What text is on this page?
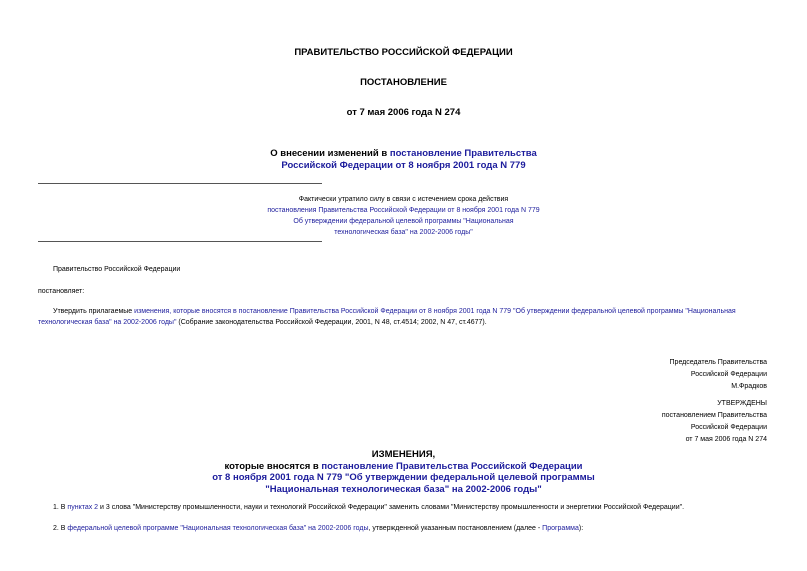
ПРАВИТЕЛЬСТВО РОССИЙСКОЙ ФЕДЕРАЦИИ
ПОСТАНОВЛЕНИЕ
от 7 мая 2006 года N 274
О внесении изменений в постановление Правительства
Российской Федерации от 8 ноября 2001 года N 779
Фактически утратило силу в связи с истечением срока действия
постановления Правительства Российской Федерации от 8 ноября 2001 года N 779
Об утверждении федеральной целевой программы "Национальная
технологическая база" на 2002-2006 годы"
Правительство Российской Федерации
постановляет:
Утвердить прилагаемые изменения, которые вносятся в постановление Правительства Российской Федерации от 8 ноября 2001 года N 779 "Об утверждении федеральной целевой программы "Национальная
технологическая база" на 2002-2006 годы" (Собрание законодательства Российской Федерации, 2001, N 48, ст.4514; 2002, N 47, ст.4677).
Председатель Правительства
Российской Федерации
М.Фрадков
УТВЕРЖДЕНЫ
постановлением Правительства
Российской Федерации
от 7 мая 2006 года N 274
ИЗМЕНЕНИЯ,
которые вносятся в постановление Правительства Российской Федерации
от 8 ноября 2001 года N 779 "Об утверждении федеральной целевой программы
"Национальная технологическая база" на 2002-2006 годы"
1. В пунктах 2 и 3 слова "Министерству промышленности, науки и технологий Российской Федерации" заменить словами "Министерству промышленности и энергетики Российской Федерации".
2. В федеральной целевой программе "Национальная технологическая база" на 2002-2006 годы, утвержденной указанным постановлением (далее - Программа):
